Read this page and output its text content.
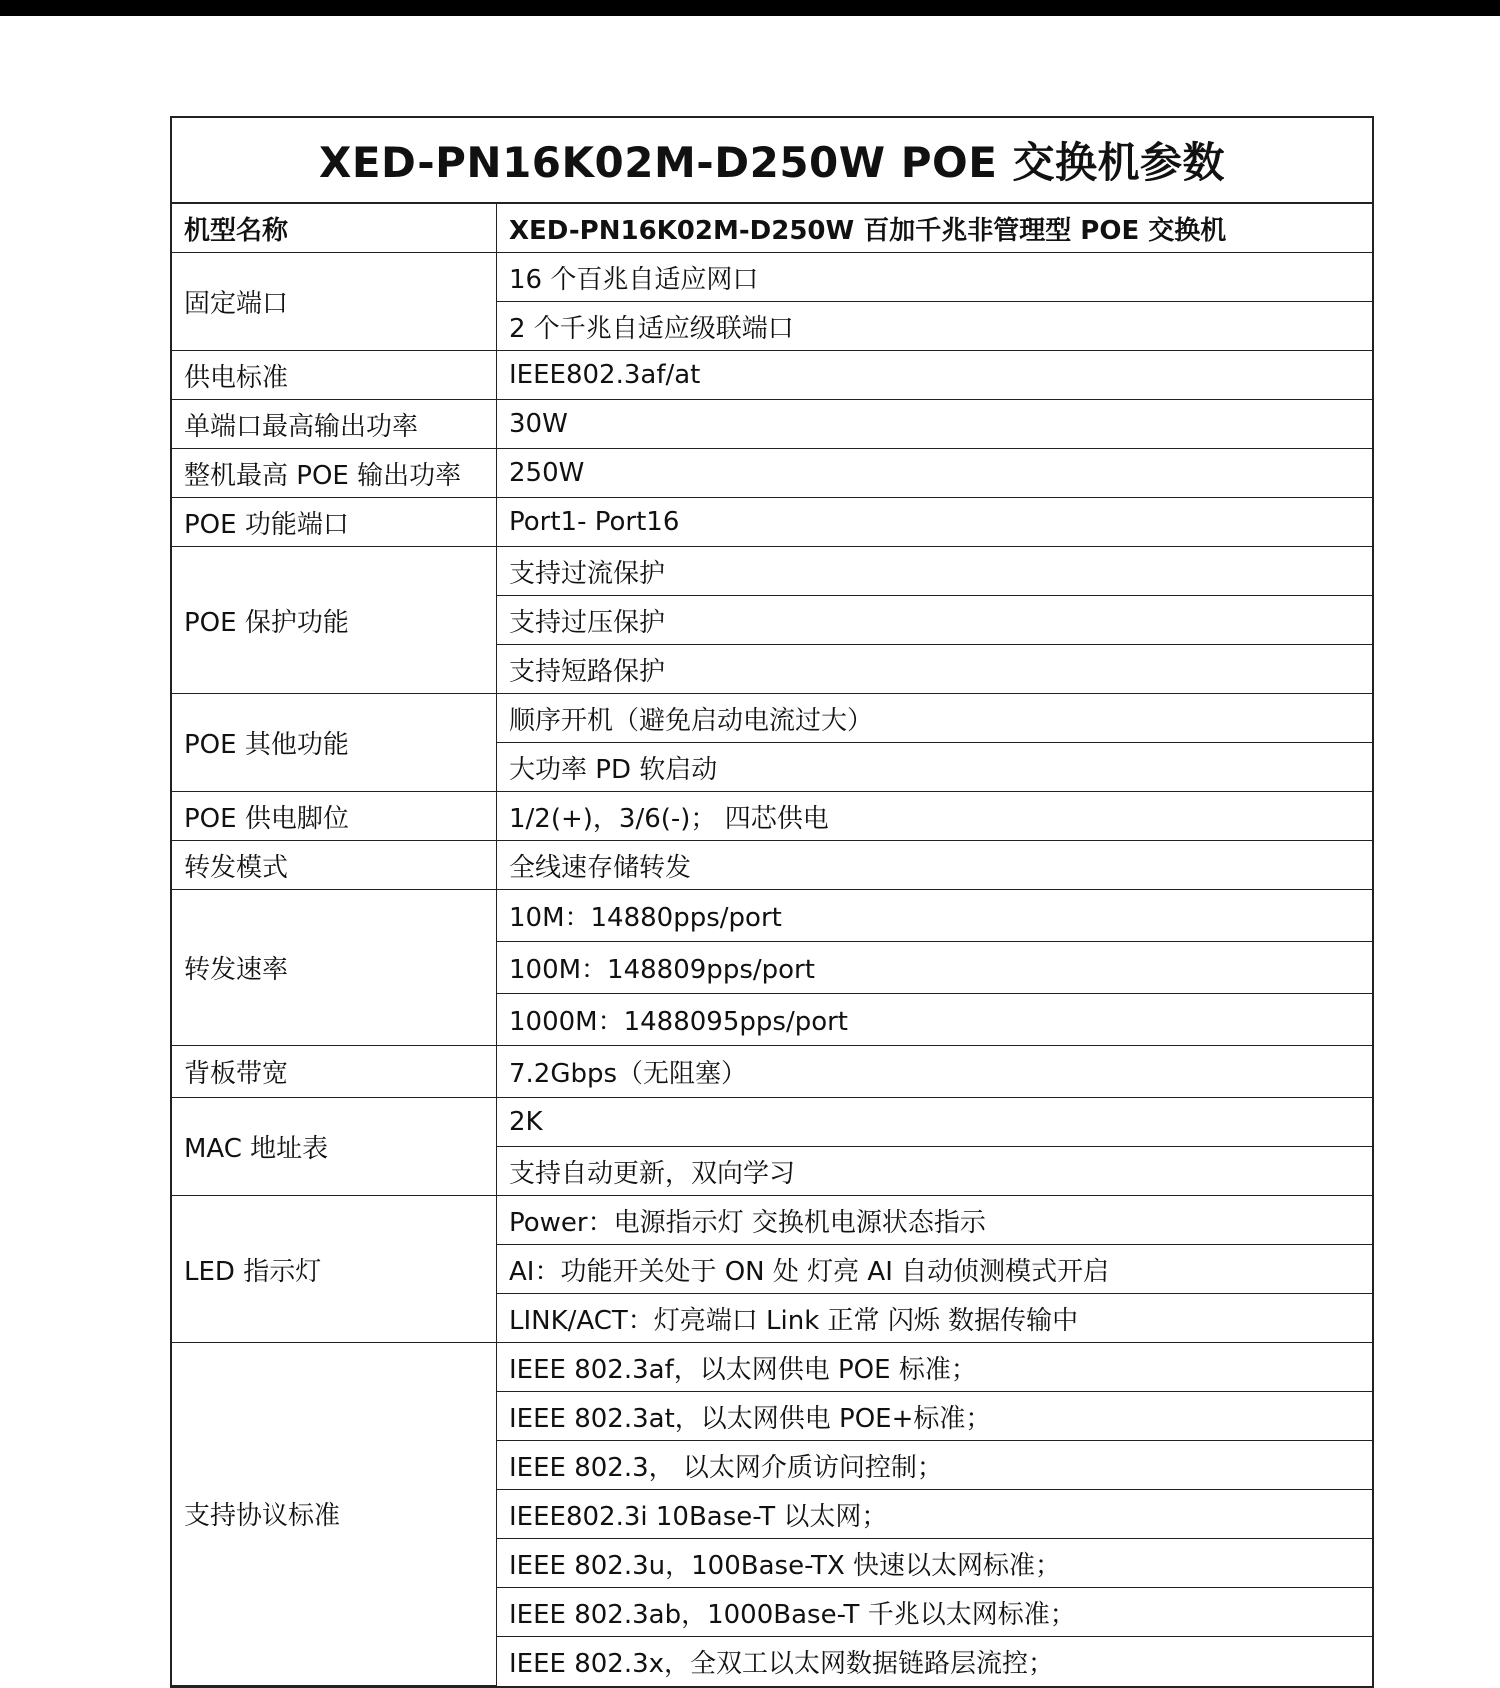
XED-PN16K02M-D250W POE 交换机参数
机型名称	XED-PN16K02M-D250W 百加千兆非管理型 POE 交换机
固定端口	16 个百兆自适应网口
	2 个千兆自适应级联端口
供电标准	IEEE802.3af/at
单端口最高输出功率	30W
整机最高 POE 输出功率	250W
POE 功能端口	Port1- Port16
POE 保护功能	支持过流保护
	支持过压保护
	支持短路保护
POE 其他功能	顺序开机（避免启动电流过大）
	大功率 PD 软启动
POE 供电脚位	1/2(+)，3/6(-)； 四芯供电
转发模式	全线速存储转发
转发速率	10M：14880pps/port
	100M：148809pps/port
	1000M：1488095pps/port
背板带宽	7.2Gbps（无阻塞）
MAC 地址表	2K
	支持自动更新，双向学习
LED 指示灯	Power：电源指示灯 交换机电源状态指示
	AI：功能开关处于 ON 处 灯亮 AI 自动侦测模式开启
	LINK/ACT：灯亮端口 Link 正常 闪烁 数据传输中
支持协议标准	IEEE 802.3af，以太网供电 POE 标准；
	IEEE 802.3at，以太网供电 POE+标准；
	IEEE 802.3， 以太网介质访问控制；
	IEEE802.3i 10Base-T 以太网；
	IEEE 802.3u，100Base-TX 快速以太网标准；
	IEEE 802.3ab，1000Base-T 千兆以太网标准；
	IEEE 802.3x，全双工以太网数据链路层流控；
